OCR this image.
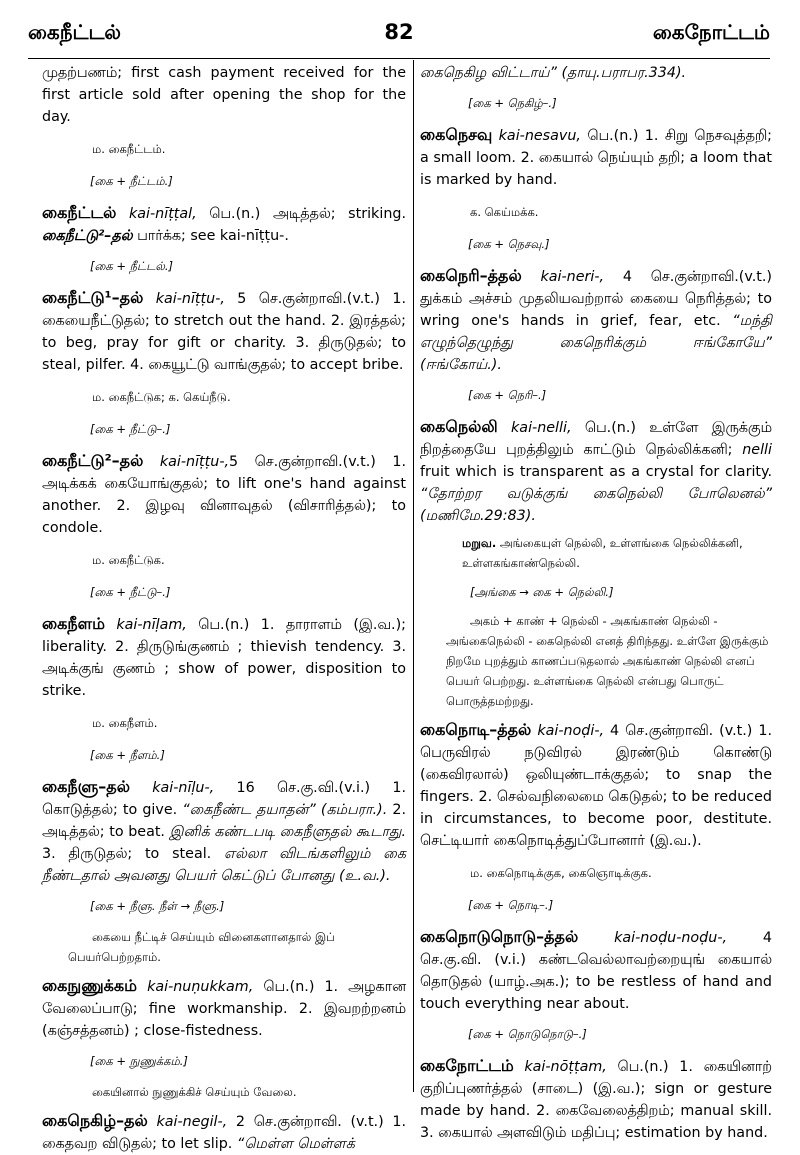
கைநீட்டல்	82	கைநோட்டம்

முதற்பணம்; first cash payment received for the first article sold after opening the shop for the day.

ம. கைநீட்டம்.
[கை + நீட்டம்.]

கைநீட்டல் kai-nīṭṭal, பெ.(n.) அடித்தல்; striking. கைநீட்டு²–தல் பார்க்க; see kai-nīṭṭu-.

[கை + நீட்டல்.]

கைநீட்டு¹–தல் kai-nīṭṭu-, 5 செ.குன்றாவி.(v.t.) 1. கையைநீட்டுதல்; to stretch out the hand. 2. இரத்தல்; to beg, pray for gift or charity. 3. திருடுதல்; to steal, pilfer. 4. கையூட்டு வாங்குதல்; to accept bribe.

ம. கைநீட்டுக; க. கெய்நீடு.
[கை + நீட்டு–.]

கைநீட்டு²–தல் kai-nīṭṭu-,5 செ.குன்றாவி.(v.t.) 1. அடிக்கக் கையோங்குதல்; to lift one's hand against another. 2. இழவு வினாவுதல் (விசாரித்தல்); to condole.

ம. கைநீட்டுக.
[கை + நீட்டு–.]

கைநீளம் kai-nīḷam, பெ.(n.) 1. தாராளம் (இ.வ.); liberality. 2. திருடுங்குணம் ; thievish tendency. 3. அடிக்குங் குணம் ; show of power, disposition to strike.

ம. கைநீளம்.
[கை + நீளம்.]

கைநீளு–தல் kai-nīḷu-, 16 செ.கு.வி.(v.i.) 1. கொடுத்தல்; to give. “கைநீண்ட தயாதன்” (கம்பரா.). 2. அடித்தல்; to beat. இனிக் கண்டபடி கைநீளுதல் கூடாது. 3. திருடுதல்; to steal. எல்லா விடங்களிலும் கை நீண்டதால் அவனது பெயர் கெட்டுப் போனது (உ.வ.).

[கை + நீளு. நீள் → நீளு.]
கையை நீட்டிச் செய்யும் வினைகளானதால் இப் பெயர்பெற்றதாம்.

கைநுணுக்கம் kai-nuṇukkam, பெ.(n.) 1. அழகான வேலைப்பாடு; fine workmanship. 2. இவறற்றனம் (கஞ்சத்தனம்) ; close-fistedness.

[கை + நுணுக்கம்.]
கையினால் நுணுக்கிச் செய்யும் வேலை.

கைநெகிழ்–தல் kai-negil-, 2 செ.குன்றாவி. (v.t.) 1. கைதவற விடுதல்; to let slip. “மெள்ள மெள்ளக்

கைநெகிழ விட்டாய்” (தாயு.பராபர.334).

[கை + நெகிழ்–.]

கைநெசவு kai-nesavu, பெ.(n.) 1. சிறு நெசவுத்தறி; a small loom. 2. கையால் நெய்யும் தறி; a loom that is marked by hand.

க. கெய்மக்க.
[கை + நெசவு.]

கைநெரி–த்தல் kai-neri-, 4 செ.குன்றாவி.(v.t.) துக்கம் அச்சம் முதலியவற்றால் கையை நெரித்தல்; to wring one's hands in grief, fear, etc. “மந்தி எழுந்தெழுந்து கைநெரிக்கும் ஈங்கோயே” (ஈங்கோய்.).

[கை + நெரி–.]

கைநெல்லி kai-nelli, பெ.(n.) உள்ளே இருக்கும் நிறத்தையே புறத்திலும் காட்டும் நெல்லிக்கனி; nelli fruit which is transparent as a crystal for clarity. “தோற்றர வடுக்குங் கைநெல்லி போலெனல்” (மணிமே.29:83).

மறுவ. அங்கையுள் நெல்லி, உள்ளங்கை நெல்லிக்கனி, உள்ளகங்காண்நெல்லி.
[அங்கை → கை + நெல்லி.]
அகம் + காண் + நெல்லி - அகங்காண் நெல்லி - அங்கைநெல்லி - கைநெல்லி எனத் திரிந்தது. உள்ளே இருக்கும் நிறமே புறத்தும் காணப்படுதலால் அகங்காண் நெல்லி எனப் பெயர் பெற்றது. உள்ளங்கை நெல்லி என்பது பொருட் பொருத்தமற்றது.

கைநொடி–த்தல் kai-noḍi-, 4 செ.குன்றாவி. (v.t.) 1. பெருவிரல் நடுவிரல் இரண்டும் கொண்டு (கைவிரலால்) ஒலியுண்டாக்குதல்; to snap the fingers. 2. செல்வநிலைமை கெடுதல்; to be reduced in circumstances, to become poor, destitute. செட்டியார் கைநொடித்துப்போனார் (இ.வ.).

ம. கைநொடிக்குக, கைஞொடிக்குக.
[கை + நொடி–.]

கைநொடுநொடு–த்தல்	kai-noḍu-noḍu-, 4 செ.கு.வி. (v.i.) கண்டவெல்லாவற்றையுங் கையால் தொடுதல் (யாழ்.அக.); to be restless of hand and touch everything near about.

[கை + நொடுநொடு–.]

கைநோட்டம் kai-nōṭṭam, பெ.(n.) 1. கையினாற் குறிப்புணர்த்தல் (சாடை) (இ.வ.); sign or gesture made by hand. 2. கைவேலைத்திறம்; manual skill. 3. கையால் அளவிடும் மதிப்பு; estimation by hand.
